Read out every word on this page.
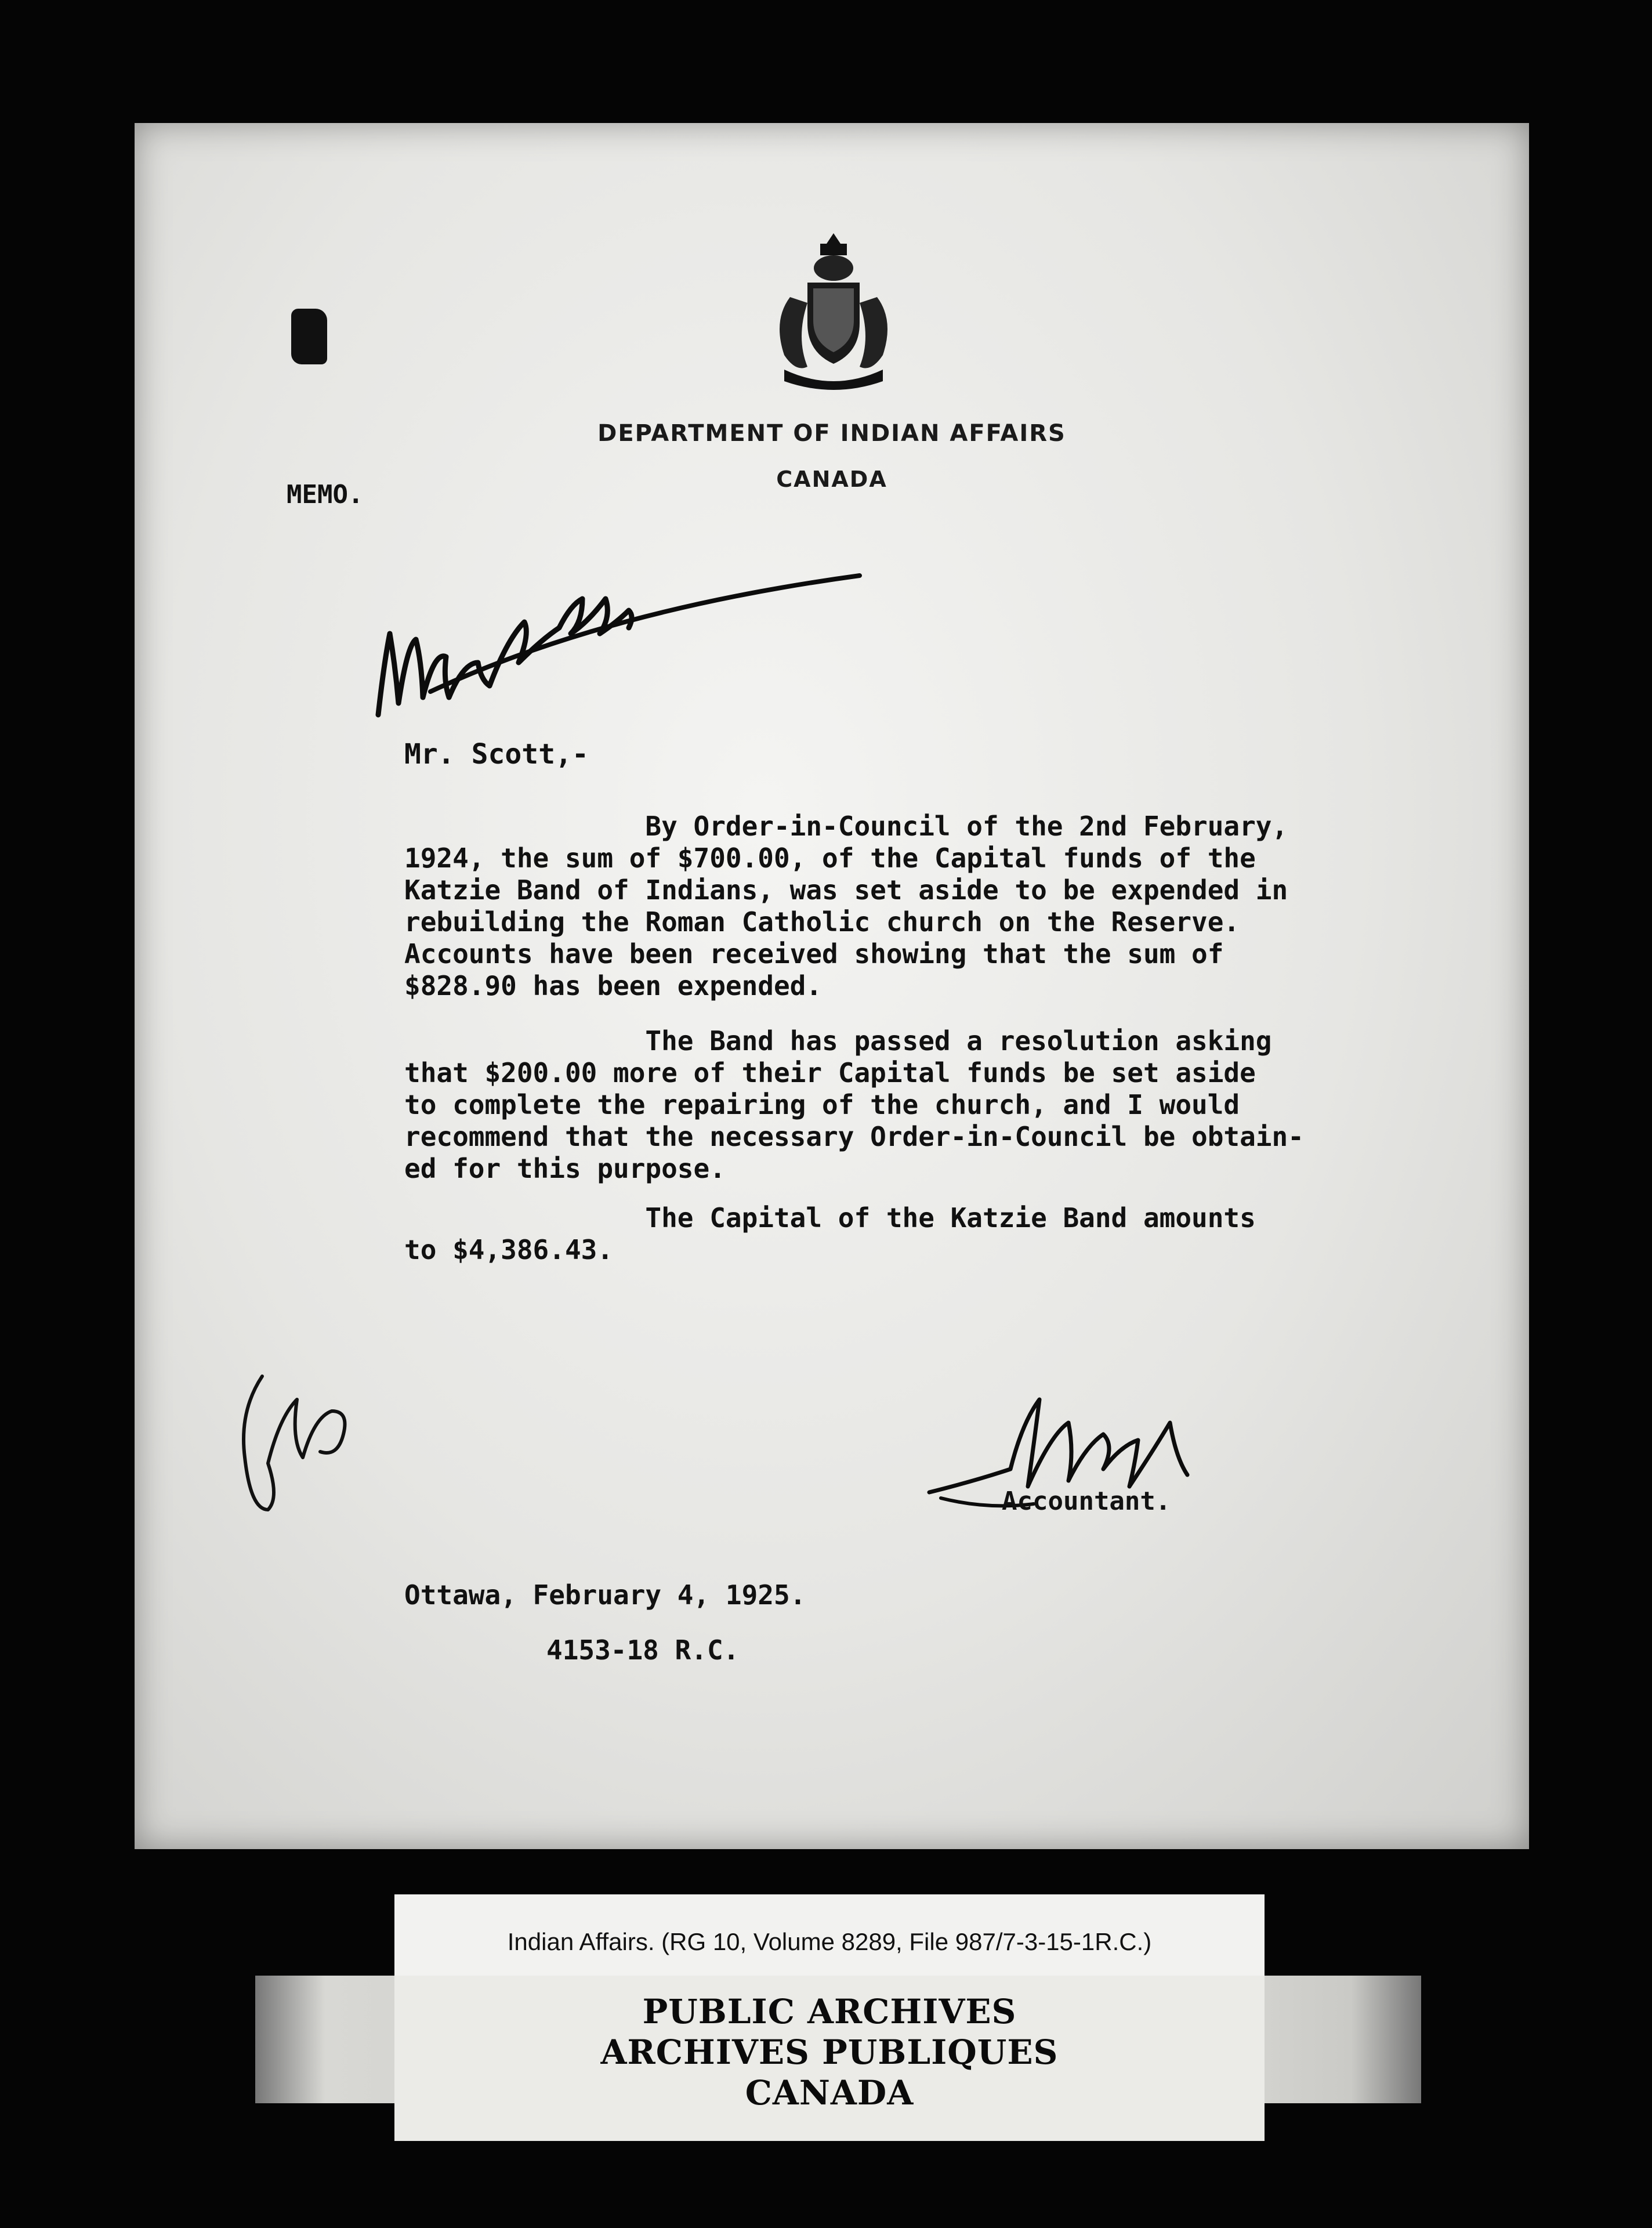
DEPARTMENT OF INDIAN AFFAIRS
CANADA
MEMO.
Mr. Scott,-
By Order-in-Council of the 2nd February,
1924, the sum of $700.00, of the Capital funds of the
Katzie Band of Indians, was set aside to be expended in
rebuilding the Roman Catholic church on the Reserve.
Accounts have been received showing that the sum of
$828.90 has been expended.
The Band has passed a resolution asking
that $200.00 more of their Capital funds be set aside
to complete the repairing of the church, and I would
recommend that the necessary Order-in-Council be obtain-
ed for this purpose.
The Capital of the Katzie Band amounts
to $4,386.43.
Accountant.
Ottawa, February 4, 1925.
4153-18 R.C.
Indian Affairs. (RG 10, Volume 8289, File 987/7-3-15-1R.C.)
PUBLIC ARCHIVES
ARCHIVES PUBLIQUES
CANADA
